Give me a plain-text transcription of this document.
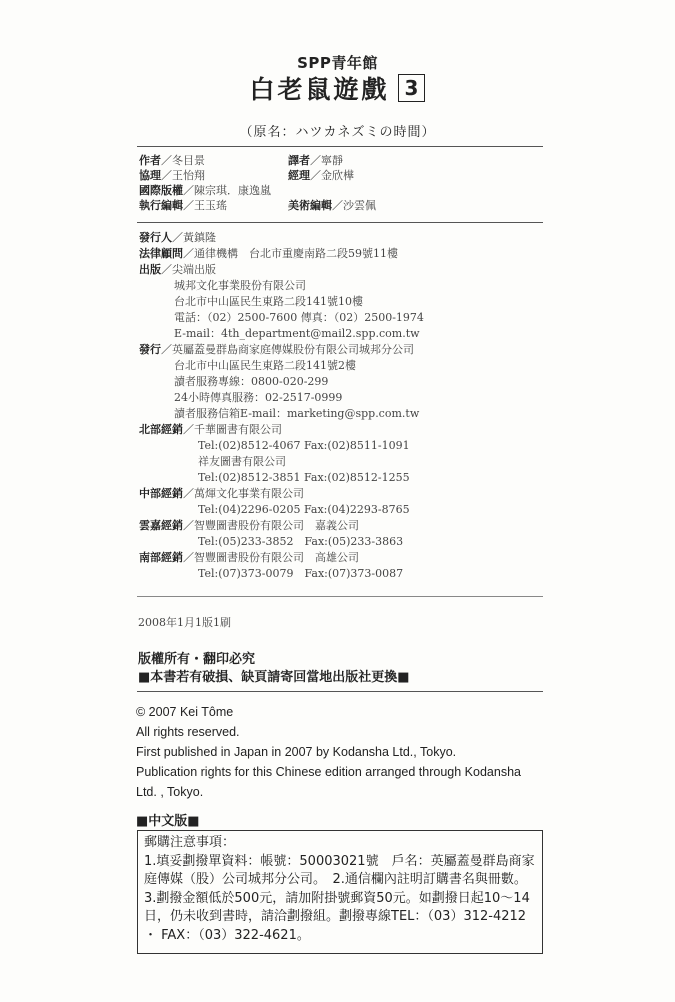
SPP青年館
白老鼠遊戲 3
（原名：ハツカネズミの時間）
作者／冬目景	譯者／寧靜
協理／王怡翔	經理／金欣樺
國際版權／陳宗琪．康逸嵐
執行編輯／王玉瑤	美術編輯／沙雲佩
發行人／黃鎮隆
法律顧問／通律機構　台北市重慶南路二段59號11樓
出版／尖端出版
城邦文化事業股份有限公司
台北市中山區民生東路二段141號10樓
電話：（02）2500-7600 傳真：（02）2500-1974
E-mail：4th_department@mail2.spp.com.tw
發行／英屬蓋曼群島商家庭傳媒股份有限公司城邦分公司
台北市中山區民生東路二段141號2樓
讀者服務專線：0800-020-299
24小時傳真服務：02-2517-0999
讀者服務信箱E-mail：marketing@spp.com.tw
北部經銷／千華圖書有限公司
Tel:(02)8512-4067 Fax:(02)8511-1091
祥友圖書有限公司
Tel:(02)8512-3851 Fax:(02)8512-1255
中部經銷／萬煇文化事業有限公司
Tel:(04)2296-0205 Fax:(04)2293-8765
雲嘉經銷／智豐圖書股份有限公司　嘉義公司
Tel:(05)233-3852　Fax:(05)233-3863
南部經銷／智豐圖書股份有限公司　高雄公司
Tel:(07)373-0079　Fax:(07)373-0087
2008年1月1版1刷
版權所有・翻印必究
■本書若有破損、缺頁請寄回當地出版社更換■
© 2007 Kei Tôme
All rights reserved.
First published in Japan in 2007 by Kodansha Ltd., Tokyo.
Publication rights for this Chinese edition arranged through Kodansha
Ltd. , Tokyo.
■中文版■

郵購注意事項：

1.填妥劃撥單資料：帳號：50003021號　戶名：英屬蓋曼群島商家庭傳媒（股）公司城邦分公司。　2.通信欄內註明訂購書名與冊數。3.劃撥金額低於500元，請加附掛號郵資50元。如劃撥日起10～14日，仍未收到書時，請洽劃撥組。劃撥專線TEL：（03）312-4212 ・ FAX：（03）322-4621。
